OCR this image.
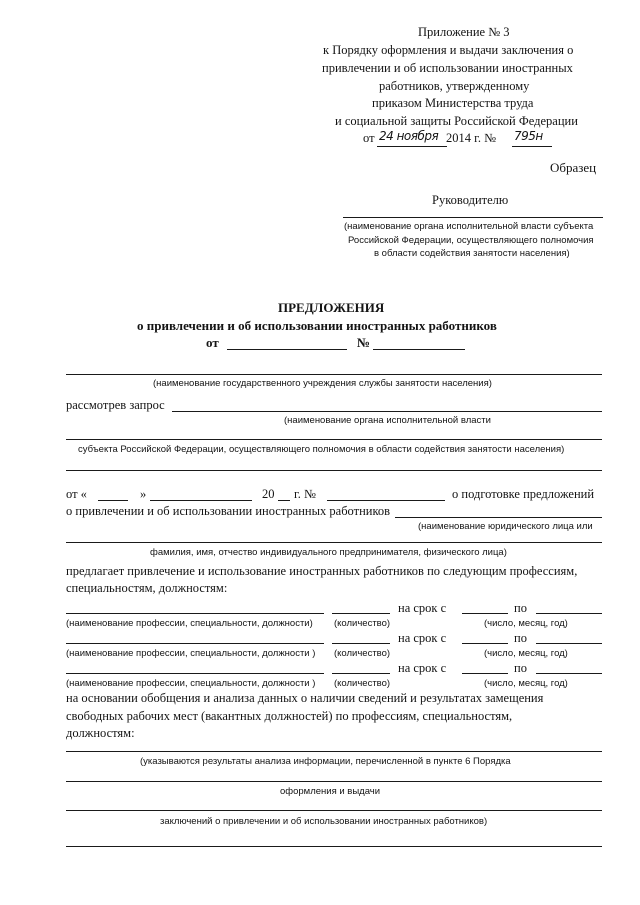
Приложение № 3
к Порядку оформления и выдачи заключения о
привлечении и об использовании иностранных
работников, утвержденному
приказом Министерства труда
и социальной защиты Российской Федерации
от 24 ноября 2014 г. № 795н
Образец
Руководителю
(наименование органа исполнительной власти субъекта
Российской Федерации, осуществляющего полномочия
в области содействия занятости населения)
ПРЕДЛОЖЕНИЯ
о привлечении и об использовании иностранных работников
от	№
(наименование государственного учреждения службы занятости населения)
рассмотрев запрос
(наименование органа исполнительной власти
субъекта Российской Федерации, осуществляющего полномочия в области содействия занятости населения)
от «	»	20 г. №	о подготовке предложений
о привлечении и об использовании иностранных работников
(наименование юридического лица или
фамилия, имя, отчество индивидуального предпринимателя, физического лица)
предлагает привлечение и использование иностранных работников по следующим профессиям,
специальностям, должностям:
на срок с	по
(наименование профессии, специальности, должности) (количество)	(число, месяц, год)
на срок с	по
(наименование профессии, специальности, должности ) (количество)	(число, месяц, год)
на срок с	по
(наименование профессии, специальности, должности ) (количество)	(число, месяц, год)
на основании обобщения и анализа данных о наличии сведений и результатах замещения
свободных рабочих мест (вакантных должностей) по профессиям, специальностям,
должностям:
(указываются результаты анализа информации, перечисленной в пункте 6 Порядка
оформления и выдачи
заключений о привлечении и об использовании иностранных работников)
